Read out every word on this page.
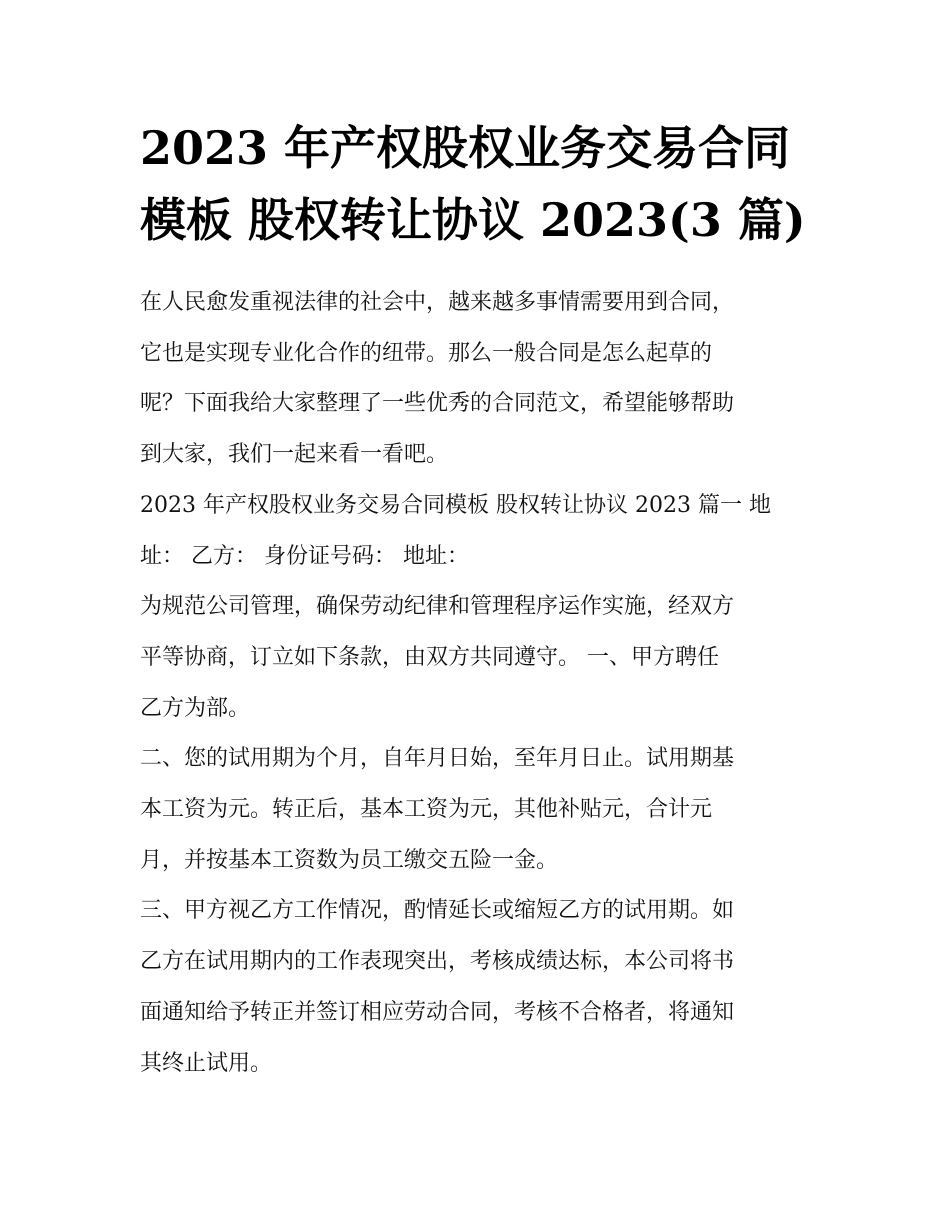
2023 年产权股权业务交易合同
模板 股权转让协议 2023(3 篇)

在人民愈发重视法律的社会中，越来越多事情需要用到合同，
它也是实现专业化合作的纽带。那么一般合同是怎么起草的
呢？下面我给大家整理了一些优秀的合同范文，希望能够帮助
到大家，我们一起来看一看吧。

2023 年产权股权业务交易合同模板 股权转让协议 2023 篇一 地
址： 乙方： 身份证号码： 地址：

为规范公司管理，确保劳动纪律和管理程序运作实施，经双方
平等协商，订立如下条款，由双方共同遵守。 一、甲方聘任
乙方为部。

二、您的试用期为个月，自年月日始，至年月日止。试用期基
本工资为元。转正后，基本工资为元，其他补贴元，合计元
月，并按基本工资数为员工缴交五险一金。

三、甲方视乙方工作情况，酌情延长或缩短乙方的试用期。如
乙方在试用期内的工作表现突出，考核成绩达标，本公司将书
面通知给予转正并签订相应劳动合同，考核不合格者，将通知
其终止试用。
